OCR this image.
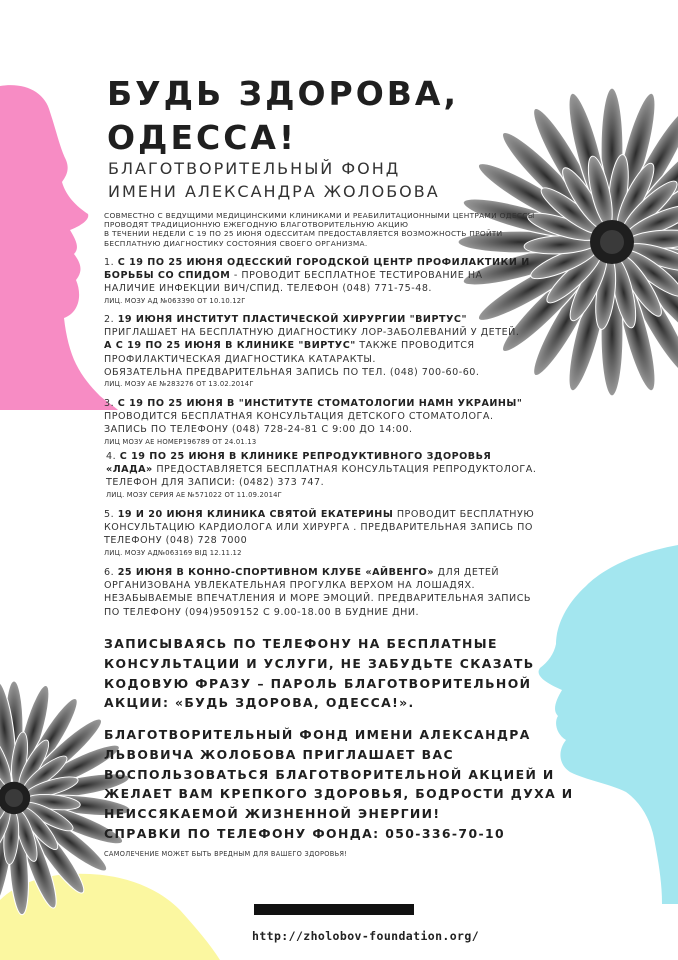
БУДЬ ЗДОРОВА,
ОДЕССА!
БЛАГОТВОРИТЕЛЬНЫЙ ФОНД
ИМЕНИ АЛЕКСАНДРА ЖОЛОБОВА
СОВМЕСТНО С ВЕДУЩИМИ МЕДИЦИНСКИМИ КЛИНИКАМИ И РЕАБИЛИТАЦИОННЫМИ ЦЕНТРАМИ ОДЕССЫ
ПРОВОДЯТ ТРАДИЦИОННУЮ ЕЖЕГОДНУЮ БЛАГОТВОРИТЕЛЬНУЮ АКЦИЮ
В ТЕЧЕНИИ НЕДЕЛИ С 19 ПО 25 ИЮНЯ ОДЕССИТАМ ПРЕДОСТАВЛЯЕТСЯ ВОЗМОЖНОСТЬ ПРОЙТИ
БЕСПЛАТНУЮ ДИАГНОСТИКУ СОСТОЯНИЯ СВОЕГО ОРГАНИЗМА.
1. С 19 ПО 25 ИЮНЯ ОДЕССКИЙ ГОРОДСКОЙ ЦЕНТР ПРОФИЛАКТИКИ И
БОРЬБЫ СО СПИДОМ - ПРОВОДИТ БЕСПЛАТНОЕ ТЕСТИРОВАНИЕ НА
НАЛИЧИЕ ИНФЕКЦИИ ВИЧ/СПИД. ТЕЛЕФОН (048) 771-75-48.
ЛИЦ. МОЗУ АД №063390 ОТ 10.10.12Г
2. 19 ИЮНЯ ИНСТИТУТ ПЛАСТИЧЕСКОЙ ХИРУРГИИ "ВИРТУС"
ПРИГЛАШАЕТ НА БЕСПЛАТНУЮ ДИАГНОСТИКУ ЛОР-ЗАБОЛЕВАНИЙ У ДЕТЕЙ.
А С 19 ПО 25 ИЮНЯ В КЛИНИКЕ "ВИРТУС" ТАКЖЕ ПРОВОДИТСЯ
ПРОФИЛАКТИЧЕСКАЯ ДИАГНОСТИКА КАТАРАКТЫ.
ОБЯЗАТЕЛЬНА ПРЕДВАРИТЕЛЬНАЯ ЗАПИСЬ ПО ТЕЛ. (048) 700-60-60.
ЛИЦ. МОЗУ АЕ №283276 ОТ 13.02.2014Г
3. С 19 ПО 25 ИЮНЯ В "ИНСТИТУТЕ СТОМАТОЛОГИИ НАМН УКРАИНЫ"
ПРОВОДИТСЯ БЕСПЛАТНАЯ КОНСУЛЬТАЦИЯ ДЕТСКОГО СТОМАТОЛОГА.
ЗАПИСЬ ПО ТЕЛЕФОНУ (048) 728-24-81 С 9:00 ДО 14:00.
ЛИЦ МОЗУ АЕ НОМЕР196789 ОТ 24.01.13
4. С 19 ПО 25 ИЮНЯ В КЛИНИКЕ РЕПРОДУКТИВНОГО ЗДОРОВЬЯ
«ЛАДА» ПРЕДОСТАВЛЯЕТСЯ БЕСПЛАТНАЯ КОНСУЛЬТАЦИЯ РЕПРОДУКТОЛОГА.
ТЕЛЕФОН ДЛЯ ЗАПИСИ: (0482) 373 747.
ЛИЦ. МОЗУ СЕРИЯ АЕ №571022 ОТ 11.09.2014Г
5. 19 И 20 ИЮНЯ КЛИНИКА СВЯТОЙ ЕКАТЕРИНЫ ПРОВОДИТ БЕСПЛАТНУЮ
КОНСУЛЬТАЦИЮ КАРДИОЛОГА ИЛИ ХИРУРГА . ПРЕДВАРИТЕЛЬНАЯ ЗАПИСЬ ПО
ТЕЛЕФОНУ (048) 728 7000
ЛИЦ. МОЗУ АД№063169 ВІД 12.11.12
6. 25 ИЮНЯ В КОННО-СПОРТИВНОМ КЛУБЕ «АЙВЕНГО» ДЛЯ ДЕТЕЙ
ОРГАНИЗОВАНА УВЛЕКАТЕЛЬНАЯ ПРОГУЛКА ВЕРХОМ НА ЛОШАДЯХ.
НЕЗАБЫВАЕМЫЕ ВПЕЧАТЛЕНИЯ И МОРЕ ЭМОЦИЙ. ПРЕДВАРИТЕЛЬНАЯ ЗАПИСЬ
ПО ТЕЛЕФОНУ (094)9509152 С 9.00-18.00 В БУДНИЕ ДНИ.
ЗАПИСЫВАЯСЬ ПО ТЕЛЕФОНУ НА БЕСПЛАТНЫЕ
КОНСУЛЬТАЦИИ И УСЛУГИ, НЕ ЗАБУДЬТЕ СКАЗАТЬ
КОДОВУЮ ФРАЗУ – ПАРОЛЬ БЛАГОТВОРИТЕЛЬНОЙ
АКЦИИ: «БУДЬ ЗДОРОВА, ОДЕССА!».
БЛАГОТВОРИТЕЛЬНЫЙ ФОНД ИМЕНИ АЛЕКСАНДРА
ЛЬВОВИЧА ЖОЛОБОВА ПРИГЛАШАЕТ ВАС
ВОСПОЛЬЗОВАТЬСЯ БЛАГОТВОРИТЕЛЬНОЙ АКЦИЕЙ И
ЖЕЛАЕТ ВАМ КРЕПКОГО ЗДОРОВЬЯ, БОДРОСТИ ДУХА И
НЕИССЯКАЕМОЙ ЖИЗНЕННОЙ ЭНЕРГИИ!
СПРАВКИ ПО ТЕЛЕФОНУ ФОНДА: 050-336-70-10
САМОЛЕЧЕНИЕ МОЖЕТ БЫТЬ ВРЕДНЫМ ДЛЯ ВАШЕГО ЗДОРОВЬЯ!
http://zholobov-foundation.org/
